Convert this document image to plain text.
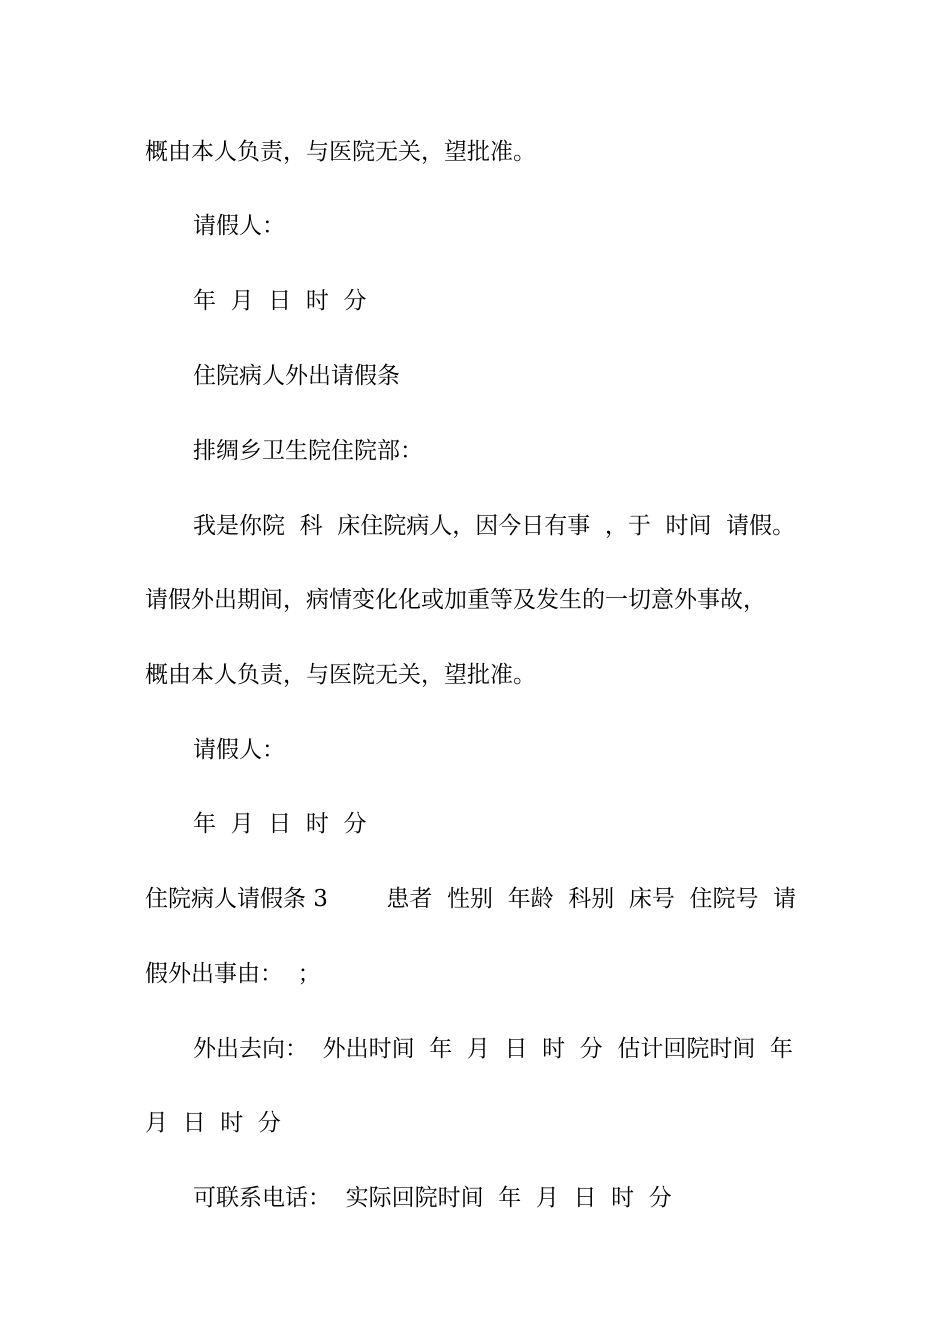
概由本人负责，与医院无关，望批准。
请假人：
年  月  日  时  分
住院病人外出请假条
排绸乡卫生院住院部：
我是你院  科  床住院病人，因今日有事  ，于  时间  请假。
请假外出期间，病情变化化或加重等及发生的一切意外事故，
概由本人负责，与医院无关，望批准。
请假人：
年  月  日  时  分
住院病人请假条 3        患者  性别  年龄  科别  床号  住院号  请
假外出事由：  ；
外出去向：  外出时间  年  月  日  时  分  估计回院时间  年
月  日  时  分
可联系电话：  实际回院时间  年  月  日  时  分
